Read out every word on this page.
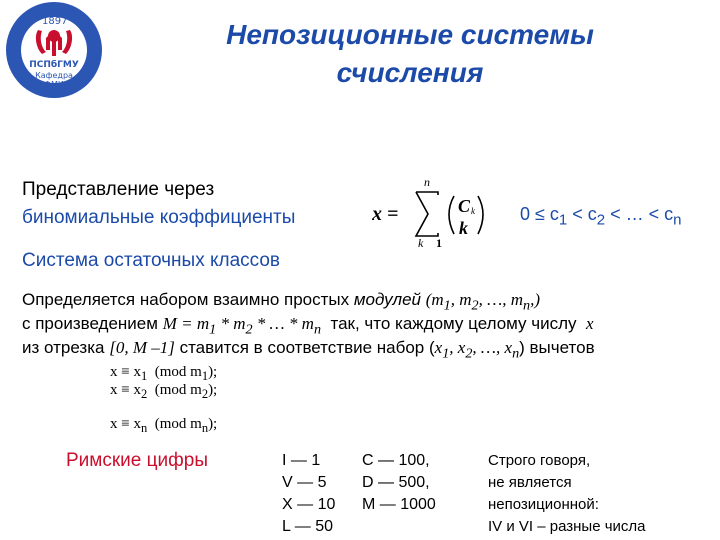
1897
ПСПбГМУ
Кафедра
ФМИ
Непозиционные системы
счисления
Представление через
биномиальные коэффициенты	x =
n
k 1
C k
k
$0 \le c_1 < c_2$ < … < $c_n$
Система остаточных классов
Определяется набором взаимно простых модулей ($m_1$, $m_2$, …, $m_n$,)
с произведением $M = m_1 * m_2$ * … * $m_n$  так, что каждому целому числу  x
из отрезка [0, M –1] ставится в соответствие набор ($x_1$, $x_2$, …, $x_n$) вычетов
$x \equiv x_1$  (mod $m_1$);
$x \equiv x_2$  (mod $m_2$);
$x \equiv x_n$  (mod $m_n$);
Римские цифры	I — 1
V — 5
X — 10
L — 50
C — 100,
D — 500,
M — 1000
Строго говоря,
не является
непозиционной:
IV и VI – разные числа
